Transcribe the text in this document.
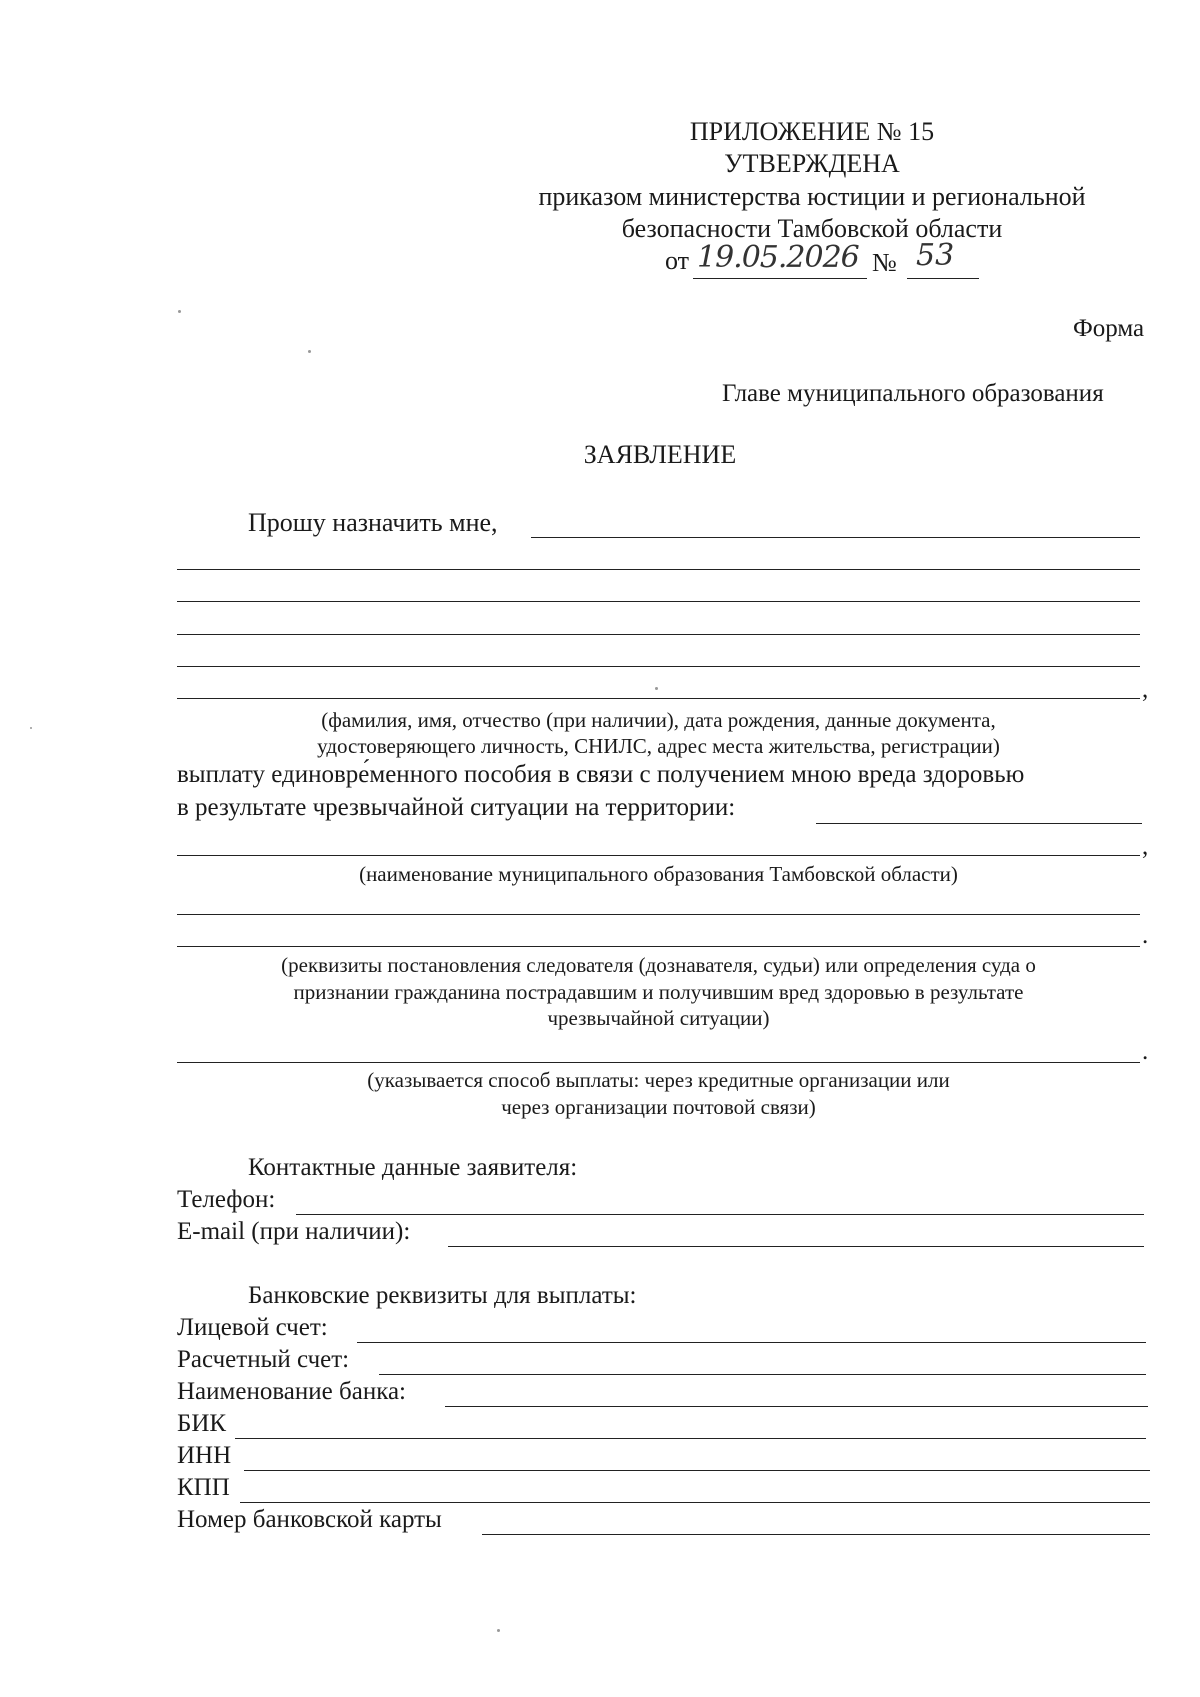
ПРИЛОЖЕНИЕ № 15
УТВЕРЖДЕНА
приказом министерства юстиции и региональной
безопасности Тамбовской области
от 19.05.2026 № 53
Форма
Главе муниципального образования
ЗАЯВЛЕНИЕ
Прошу назначить мне,
,
(фамилия, имя, отчество (при наличии), дата рождения, данные документа,
удостоверяющего личность, СНИЛС, адрес места жительства, регистрации)
выплату единовре́менного пособия в связи с получением мною вреда здоровью
в результате чрезвычайной ситуации на территории:
,
(наименование муниципального образования Тамбовской области)
.
(реквизиты постановления следователя (дознавателя, судьи) или определения суда о
признании гражданина пострадавшим и получившим вред здоровью в результате
чрезвычайной ситуации)
.
(указывается способ выплаты: через кредитные организации или
через организации почтовой связи)
Контактные данные заявителя:
Телефон:
E-mail (при наличии):
Банковские реквизиты для выплаты:
Лицевой счет:
Расчетный счет:
Наименование банка:
БИК
ИНН
КПП
Номер банковской карты
